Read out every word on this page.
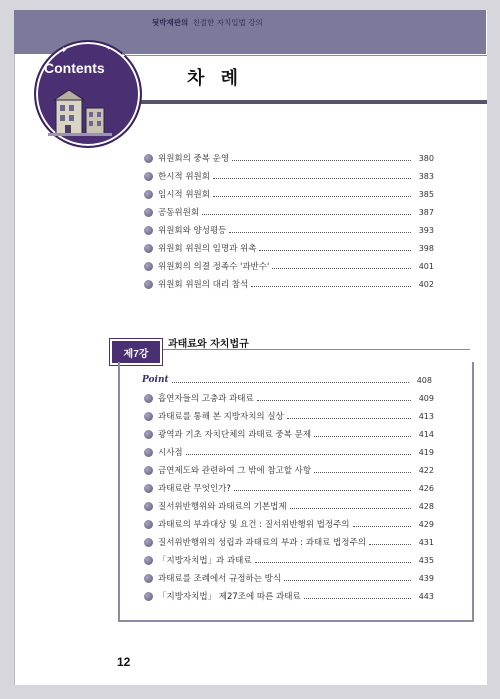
됫박재판의 친절한 자치입법 강의
차 례
✦	✦
✧
Contents
위원회의 중복 운영	380
한시적 위원회	383
임시적 위원회	385
공동위원회	387
위원회와 양성평등	393
위원회 위원의 임명과 위촉	398
위원회의 의결 정족수 '과반수'	401
위원회 위원의 대리 참석	402
제7강
과태료와 자치법규
Point	408
흡연자들의 고충과 과태료	409
과태료를 통해 본 지방자치의 실상	413
광역과 기초 자치단체의 과태료 중복 문제	414
시사점	419
금연제도와 관련하여 그 밖에 참고할 사항	422
과태료란 무엇인가?	426
질서위반행위와 과태료의 기본법제	428
과태료의 부과대상 및 요건 : 질서위반행위 법정주의	429
질서위반행위의 성립과 과태료의 부과 : 과태료 법정주의	431
「지방자치법」과 과태료	435
과태료를 조례에서 규정하는 방식	439
「지방자치법」 제27조에 따른 과태료	443
12
